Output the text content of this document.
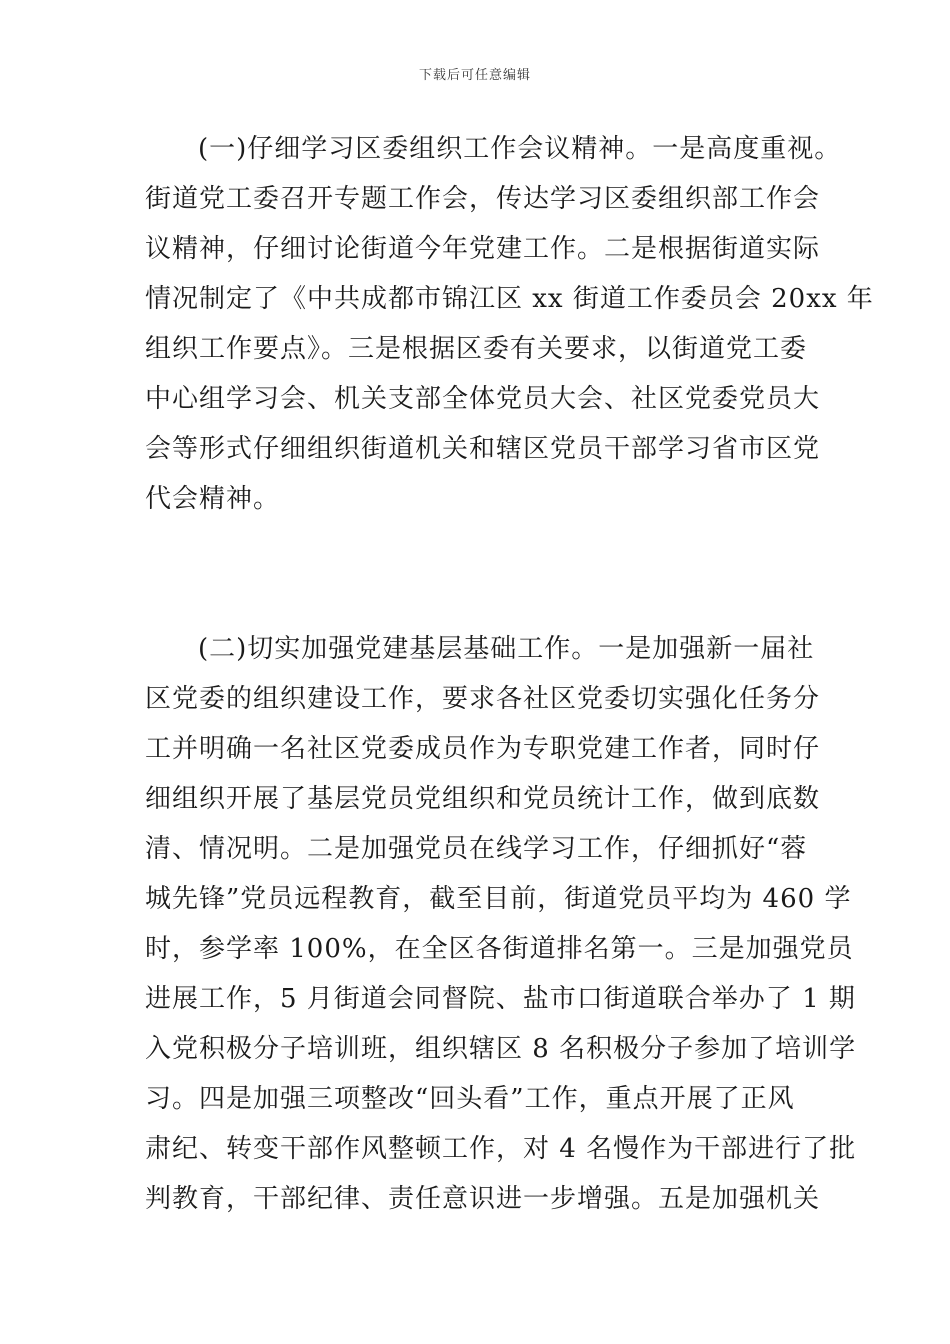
下载后可任意编辑
(一)仔细学习区委组织工作会议精神。一是高度重视。
街道党工委召开专题工作会，传达学习区委组织部工作会
议精神，仔细讨论街道今年党建工作。二是根据街道实际
情况制定了《中共成都市锦江区 xx 街道工作委员会 20xx 年
组织工作要点》。三是根据区委有关要求，以街道党工委
中心组学习会、机关支部全体党员大会、社区党委党员大
会等形式仔细组织街道机关和辖区党员干部学习省市区党
代会精神。
(二)切实加强党建基层基础工作。一是加强新一届社
区党委的组织建设工作，要求各社区党委切实强化任务分
工并明确一名社区党委成员作为专职党建工作者，同时仔
细组织开展了基层党员党组织和党员统计工作，做到底数
清、情况明。二是加强党员在线学习工作，仔细抓好“蓉
城先锋”党员远程教育，截至目前，街道党员平均为 460 学
时，参学率 100%，在全区各街道排名第一。三是加强党员
进展工作，5 月街道会同督院、盐市口街道联合举办了 1 期
入党积极分子培训班，组织辖区 8 名积极分子参加了培训学
习。四是加强三项整改“回头看”工作，重点开展了正风
肃纪、转变干部作风整顿工作，对 4 名慢作为干部进行了批
判教育，干部纪律、责任意识进一步增强。五是加强机关
